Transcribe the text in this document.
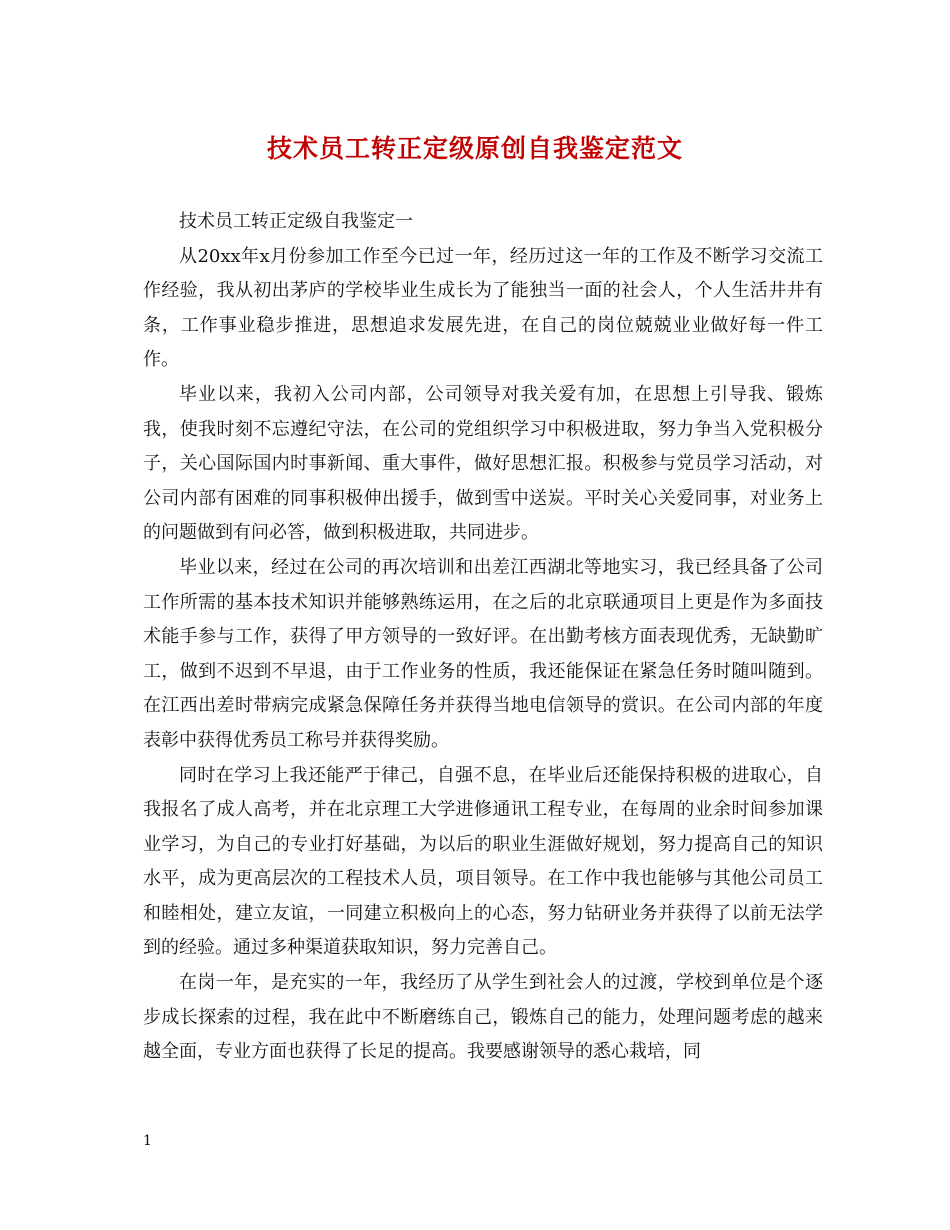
技术员工转正定级原创自我鉴定范文

技术员工转正定级自我鉴定一

从20xx年x月份参加工作至今已过一年，经历过这一年的工作及不断学习交流工作经验，我从初出茅庐的学校毕业生成长为了能独当一面的社会人，个人生活井井有条，工作事业稳步推进，思想追求发展先进，在自己的岗位兢兢业业做好每一件工作。

毕业以来，我初入公司内部，公司领导对我关爱有加，在思想上引导我、锻炼我，使我时刻不忘遵纪守法，在公司的党组织学习中积极进取，努力争当入党积极分子，关心国际国内时事新闻、重大事件，做好思想汇报。积极参与党员学习活动，对公司内部有困难的同事积极伸出援手，做到雪中送炭。平时关心关爱同事，对业务上的问题做到有问必答，做到积极进取，共同进步。

毕业以来，经过在公司的再次培训和出差江西湖北等地实习，我已经具备了公司工作所需的基本技术知识并能够熟练运用，在之后的北京联通项目上更是作为多面技术能手参与工作，获得了甲方领导的一致好评。在出勤考核方面表现优秀，无缺勤旷工，做到不迟到不早退，由于工作业务的性质，我还能保证在紧急任务时随叫随到。在江西出差时带病完成紧急保障任务并获得当地电信领导的赏识。在公司内部的年度表彰中获得优秀员工称号并获得奖励。

同时在学习上我还能严于律己，自强不息，在毕业后还能保持积极的进取心，自我报名了成人高考，并在北京理工大学进修通讯工程专业，在每周的业余时间参加课业学习，为自己的专业打好基础，为以后的职业生涯做好规划，努力提高自己的知识水平，成为更高层次的工程技术人员，项目领导。在工作中我也能够与其他公司员工和睦相处，建立友谊，一同建立积极向上的心态，努力钻研业务并获得了以前无法学到的经验。通过多种渠道获取知识，努力完善自己。

在岗一年，是充实的一年，我经历了从学生到社会人的过渡，学校到单位是个逐步成长探索的过程，我在此中不断磨练自己，锻炼自己的能力，处理问题考虑的越来越全面，专业方面也获得了长足的提高。我要感谢领导的悉心栽培，同

1
